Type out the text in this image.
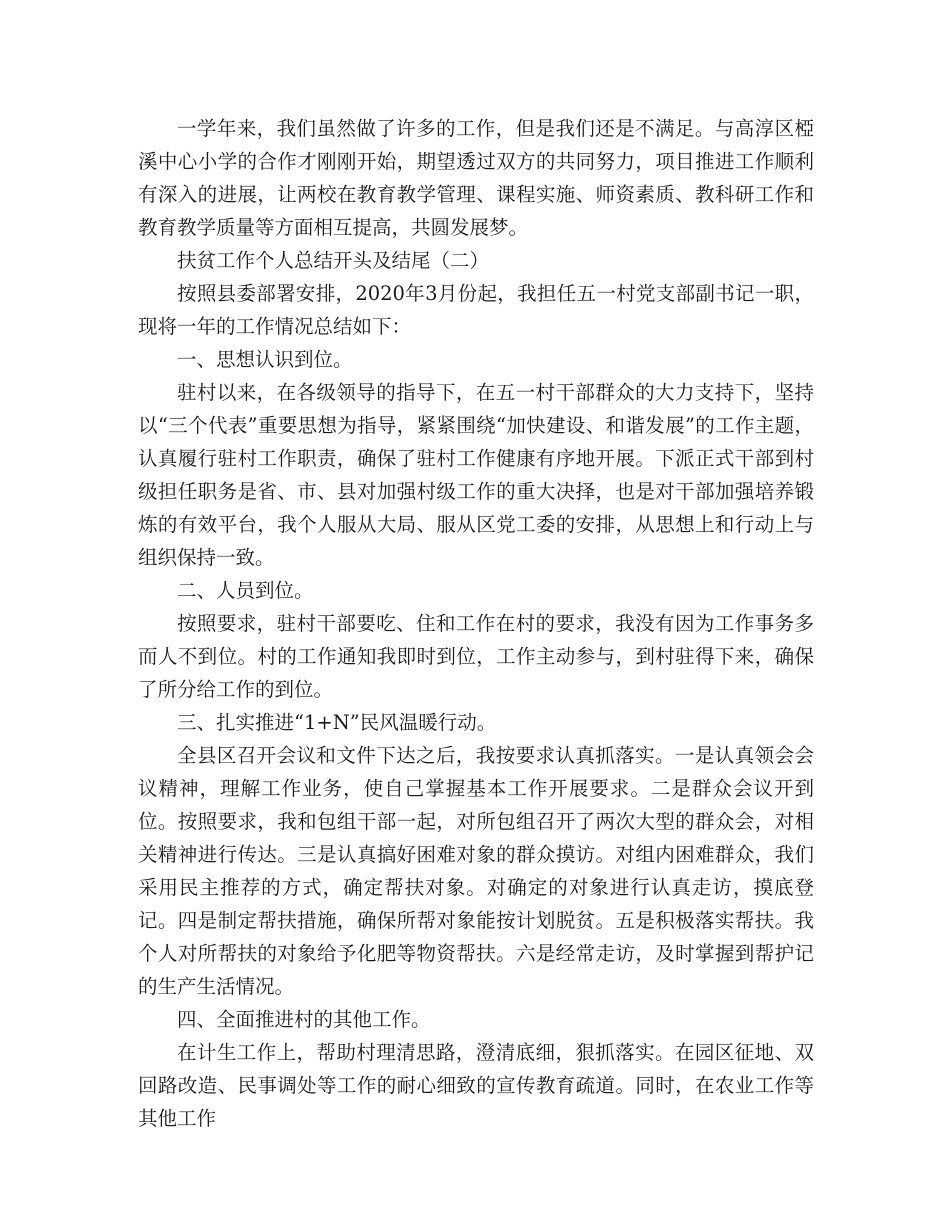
一学年来，我们虽然做了许多的工作，但是我们还是不满足。与高淳区椏溪中心小学的合作才刚刚开始，期望透过双方的共同努力，项目推进工作顺利有深入的进展，让两校在教育教学管理、课程实施、师资素质、教科研工作和教育教学质量等方面相互提高，共圆发展梦。

扶贫工作个人总结开头及结尾（二）

按照县委部署安排，2020年3月份起，我担任五一村党支部副书记一职，现将一年的工作情况总结如下：

一、思想认识到位。

驻村以来，在各级领导的指导下，在五一村干部群众的大力支持下，坚持以“三个代表”重要思想为指导，紧紧围绕“加快建设、和谐发展”的工作主题，认真履行驻村工作职责，确保了驻村工作健康有序地开展。下派正式干部到村级担任职务是省、市、县对加强村级工作的重大决择，也是对干部加强培养锻炼的有效平台，我个人服从大局、服从区党工委的安排，从思想上和行动上与组织保持一致。

二、人员到位。

按照要求，驻村干部要吃、住和工作在村的要求，我没有因为工作事务多而人不到位。村的工作通知我即时到位，工作主动参与，到村驻得下来，确保了所分给工作的到位。

三、扎实推进“1+N”民风温暖行动。

全县区召开会议和文件下达之后，我按要求认真抓落实。一是认真领会会议精神，理解工作业务，使自己掌握基本工作开展要求。二是群众会议开到位。按照要求，我和包组干部一起，对所包组召开了两次大型的群众会，对相关精神进行传达。三是认真搞好困难对象的群众摸访。对组内困难群众，我们采用民主推荐的方式，确定帮扶对象。对确定的对象进行认真走访，摸底登记。四是制定帮扶措施，确保所帮对象能按计划脱贫。五是积极落实帮扶。我个人对所帮扶的对象给予化肥等物资帮扶。六是经常走访，及时掌握到帮护记的生产生活情况。

四、全面推进村的其他工作。

在计生工作上，帮助村理清思路，澄清底细，狠抓落实。在园区征地、双回路改造、民事调处等工作的耐心细致的宣传教育疏道。同时，在农业工作等其他工作
